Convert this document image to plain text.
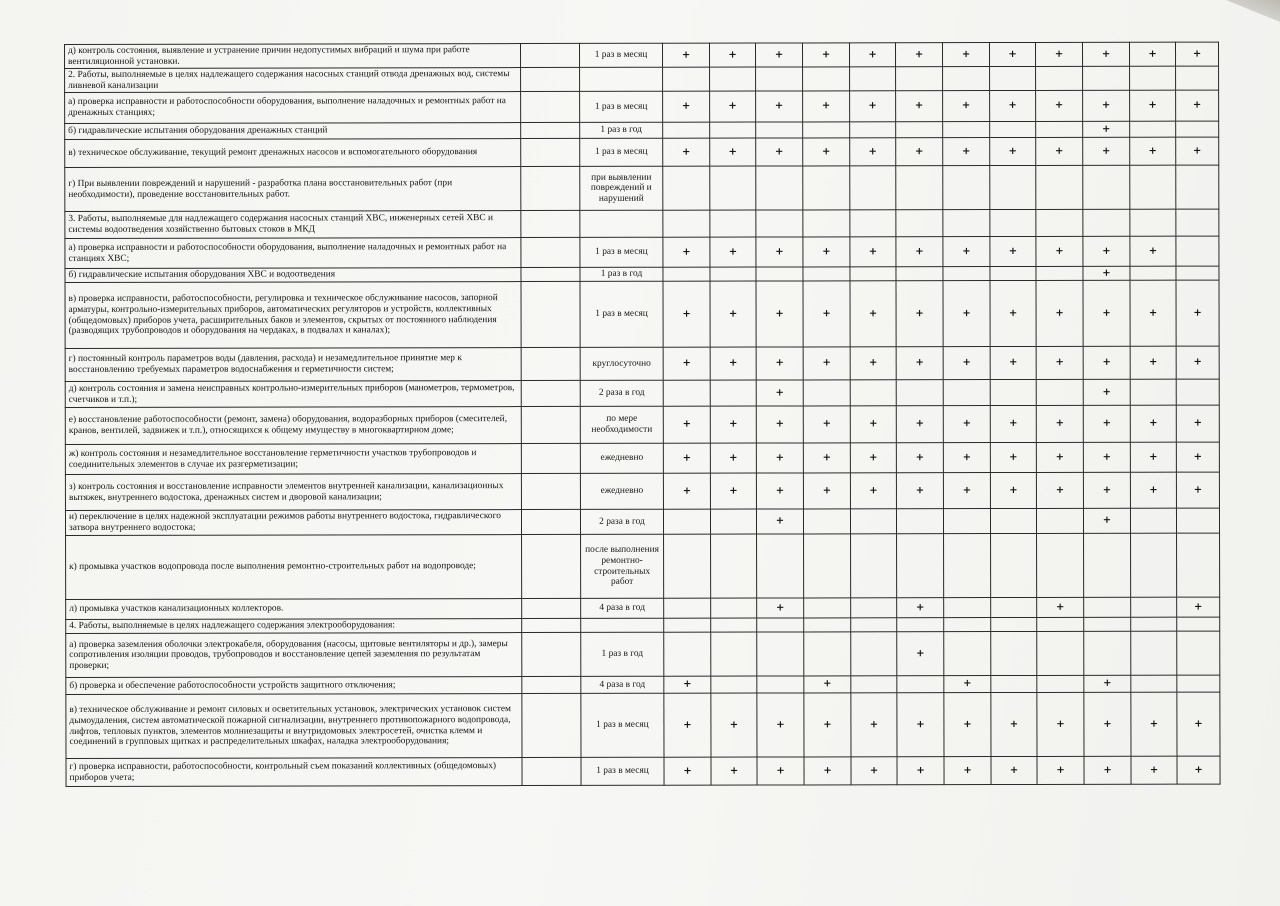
д) контроль состояния, выявление и устранение причин недопустимых вибраций и шума при работе вентиляционной установки.		1 раз в месяц	+	+	+	+	+	+	+	+	+	+	+	+
2. Работы, выполняемые в целях надлежащего содержания насосных станций отвода дренажных вод, системы ливневой канализации														
а) проверка исправности и работоспособности оборудования, выполнение наладочных и ремонтных работ на дренажных станциях;		1 раз в месяц	+	+	+	+	+	+	+	+	+	+	+	+
б) гидравлические испытания оборудования дренажных станций		1 раз в год										+		
в) техническое обслуживание, текущий ремонт дренажных насосов и вспомогательного оборудования		1 раз в месяц	+	+	+	+	+	+	+	+	+	+	+	+
г) При выявлении повреждений и нарушений - разработка плана восстановительных работ (при необходимости), проведение восстановительных работ.		при выявлении повреждений и нарушений												
3. Работы, выполняемые для надлежащего содержания насосных станций ХВС, инженерных сетей ХВС и системы водоотведения хозяйственно бытовых стоков в МКД														
а) проверка исправности и работоспособности оборудования, выполнение наладочных и ремонтных работ на станциях ХВС;		1 раз в месяц	+	+	+	+	+	+	+	+	+	+	+	
б) гидравлические испытания оборудования ХВС и водоотведения		1 раз в год										+		
в) проверка исправности, работоспособности, регулировка и техническое обслуживание насосов, запорной арматуры, контрольно-измерительных приборов, автоматических регуляторов и устройств, коллективных (общедомовых) приборов учета, расширительных баков и элементов, скрытых от постоянного наблюдения (разводящих трубопроводов и оборудования на чердаках, в подвалах и каналах);		1 раз в месяц	+	+	+	+	+	+	+	+	+	+	+	+
г) постоянный контроль параметров воды (давления, расхода) и незамедлительное принятие мер к восстановлению требуемых параметров водоснабжения и герметичности систем;		круглосуточно	+	+	+	+	+	+	+	+	+	+	+	+
д) контроль состояния и замена неисправных контрольно-измерительных приборов (манометров, термометров, счетчиков и т.п.);		2 раза в год			+							+		
е) восстановление работоспособности (ремонт, замена) оборудования, водоразборных приборов (смесителей, кранов, вентилей, задвижек и т.п.), относящихся к общему имуществу в многоквартирном доме;		по мере необходимости	+	+	+	+	+	+	+	+	+	+	+	+
ж) контроль состояния и незамедлительное восстановление герметичности участков трубопроводов и соединительных элементов в случае их разгерметизации;		ежедневно	+	+	+	+	+	+	+	+	+	+	+	+
з) контроль состояния и восстановление исправности элементов внутренней канализации, канализационных вытяжек, внутреннего водостока, дренажных систем и дворовой канализации;		ежедневно	+	+	+	+	+	+	+	+	+	+	+	+
и) переключение в целях надежной эксплуатации режимов работы внутреннего водостока, гидравлического затвора внутреннего водостока;		2 раза в год			+							+		
к) промывка участков водопровода после выполнения ремонтно-строительных работ на водопроводе;		после выполнения ремонтно-строительных работ												
л) промывка участков канализационных коллекторов.		4 раза в год			+			+			+			+
4. Работы, выполняемые в целях надлежащего содержания электрооборудования:														
а) проверка заземления оболочки электрокабеля, оборудования (насосы, щитовые вентиляторы и др.), замеры сопротивления изоляции проводов, трубопроводов и восстановление цепей заземления по результатам проверки;		1 раз в год						+						
б) проверка и обеспечение работоспособности устройств защитного отключения;		4 раза в год	+			+			+			+		
в) техническое обслуживание и ремонт силовых и осветительных установок, электрических установок систем дымоудаления, систем автоматической пожарной сигнализации, внутреннего противопожарного водопровода, лифтов, тепловых пунктов, элементов молниезащиты и внутридомовых электросетей, очистка клемм и соединений в групповых щитках и распределительных шкафах, наладка электрооборудования;		1 раз в месяц	+	+	+	+	+	+	+	+	+	+	+	+
г) проверка исправности, работоспособности, контрольный съем показаний коллективных (общедомовых) приборов учета;		1 раз в месяц	+	+	+	+	+	+	+	+	+	+	+	+
